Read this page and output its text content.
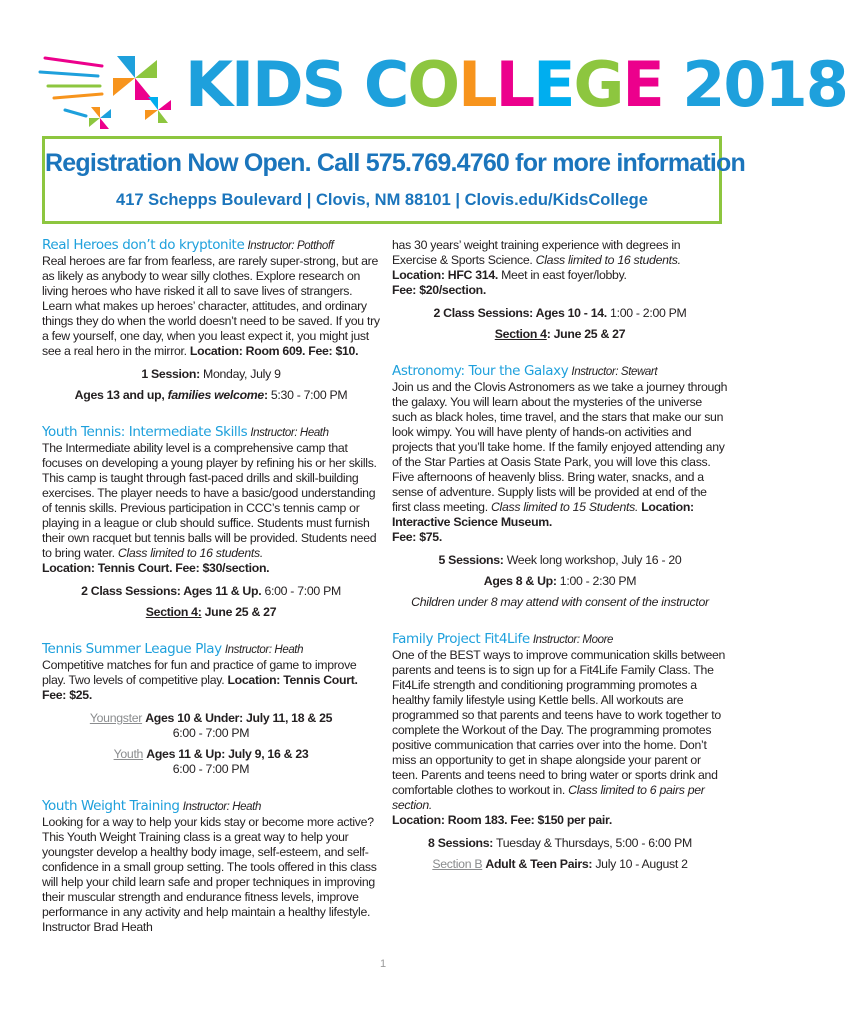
KIDS COLLEGE 2018
Registration Now Open. Call 575.769.4760 for more information
417 Schepps Boulevard | Clovis, NM 88101 | Clovis.edu/KidsCollege

Real Heroes don’t do kryptonite Instructor: Potthoff

Real heroes are far from fearless, are rarely super-strong, but are as likely as anybody to wear silly clothes. Explore research on living heroes who have risked it all to save lives of strangers. Learn what makes up heroes’ character, attitudes, and ordinary things they do when the world doesn’t need to be saved. If you try a few yourself, one day, when you least expect it, you might just see a real hero in the mirror. Location: Room 609. Fee: $10.

1 Session: Monday, July 9

Ages 13 and up, families welcome: 5:30 - 7:00 PM

Youth Tennis: Intermediate Skills Instructor: Heath

The Intermediate ability level is a comprehensive camp that focuses on developing a young player by refining his or her skills. This camp is taught through fast-paced drills and skill-building exercises. The player needs to have a basic/good understanding of tennis skills. Previous participation in CCC’s tennis camp or playing in a league or club should suffice. Students must furnish their own racquet but tennis balls will be provided. Students need to bring water. Class limited to 16 students.

Location: Tennis Court. Fee: $30/section.

2 Class Sessions: Ages 11 & Up. 6:00 - 7:00 PM

Section 4: June 25 & 27

Tennis Summer League Play Instructor: Heath

Competitive matches for fun and practice of game to improve play. Two levels of competitive play. Location: Tennis Court. Fee: $25.

Youngster Ages 10 & Under: July 11, 18 & 25

6:00 - 7:00 PM

Youth Ages 11 & Up: July 9, 16 & 23

6:00 - 7:00 PM

Youth Weight Training Instructor: Heath

Looking for a way to help your kids stay or become more active? This Youth Weight Training class is a great way to help your youngster develop a healthy body image, self-esteem, and self-confidence in a small group setting. The tools offered in this class will help your child learn safe and proper techniques in improving their muscular strength and endurance fitness levels, improve performance in any activity and help maintain a healthy lifestyle. Instructor Brad Heath

has 30 years’ weight training experience with degrees in Exercise & Sports Science. Class limited to 16 students.

Location: HFC 314. Meet in east foyer/lobby.

Fee: $20/section.

2 Class Sessions: Ages 10 - 14. 1:00 - 2:00 PM

Section 4: June 25 & 27

Astronomy: Tour the Galaxy Instructor: Stewart

Join us and the Clovis Astronomers as we take a journey through the galaxy. You will learn about the mysteries of the universe such as black holes, time travel, and the stars that make our sun look wimpy. You will have plenty of hands-on activities and projects that you’ll take home. If the family enjoyed attending any of the Star Parties at Oasis State Park, you will love this class. Five afternoons of heavenly bliss. Bring water, snacks, and a sense of adventure. Supply lists will be provided at end of the first class meeting. Class limited to 15 Students. Location: Interactive Science Museum.

Fee: $75.

5 Sessions: Week long workshop, July 16 - 20

Ages 8 & Up: 1:00 - 2:30 PM

Children under 8 may attend with consent of the instructor

Family Project Fit4Life Instructor: Moore

One of the BEST ways to improve communication skills between parents and teens is to sign up for a Fit4Life Family Class. The Fit4Life strength and conditioning programming promotes a healthy family lifestyle using Kettle bells. All workouts are programmed so that parents and teens have to work together to complete the Workout of the Day. The programming promotes positive communication that carries over into the home. Don’t miss an opportunity to get in shape alongside your parent or teen. Parents and teens need to bring water or sports drink and comfortable clothes to workout in. Class limited to 6 pairs per section.

Location: Room 183. Fee: $150 per pair.

8 Sessions: Tuesday & Thursdays, 5:00 - 6:00 PM

Section B Adult & Teen Pairs: July 10 - August 2

1
